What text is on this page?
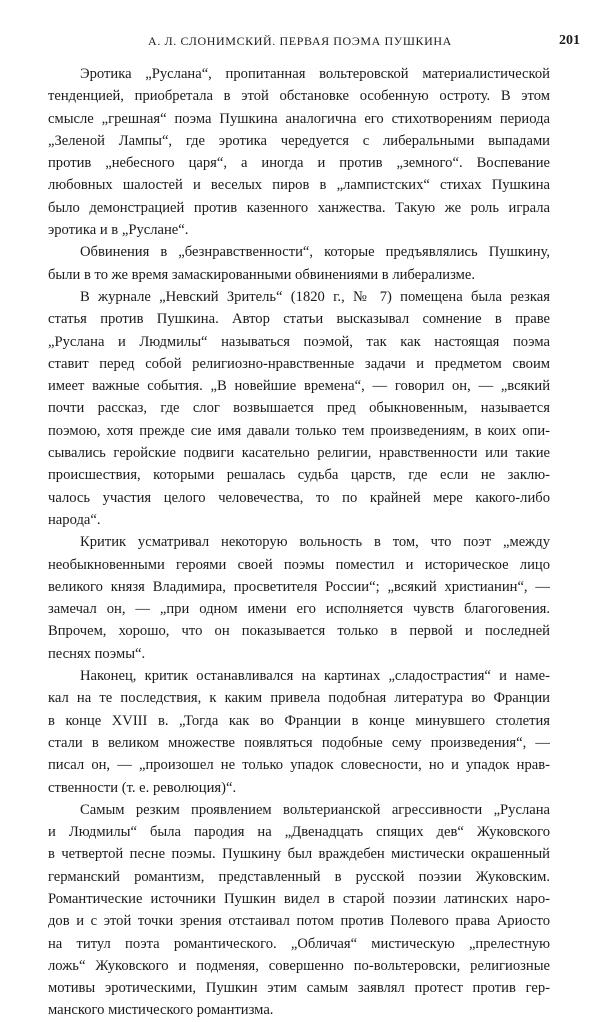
А. Л. СЛОНИМСКИЙ. ПЕРВАЯ ПОЭМА ПУШКИНА	201
Эротика „Руслана“, пропитанная вольтеровской материалистической
тенденцией, приобретала в этой обстановке особенную остроту. В этом
смысле „грешная“ поэма Пушкина аналогична его стихотворениям периода
„Зеленой Лампы“, где эротика чередуется с либеральными выпадами
против „небесного царя“, а иногда и против „земного“. Воспевание
любовных шалостей и веселых пиров в „лампистских“ стихах Пушкина
было демонстрацией против казенного ханжества. Такую же роль играла
эротика и в „Руслане“.
Обвинения в „безнравственности“, которые предъявлялись Пушкину,
были в то же время замаскированными обвинениями в либерализме.
В журнале „Невский Зритель“ (1820 г., № 7) помещена была резкая
статья против Пушкина. Автор статьи высказывал сомнение в праве
„Руслана и Людмилы“ называться поэмой, так как настоящая поэма
ставит перед собой религиозно-нравственные задачи и предметом своим
имеет важные события. „В новейшие времена“, — говорил он, — „всякий
почти рассказ, где слог возвышается пред обыкновенным, называется
поэмою, хотя прежде сие имя давали только тем произведениям, в коих опи-
сывались геройские подвиги касательно религии, нравственности или такие
происшествия, которыми решалась судьба царств, где если не заклю-
чалось участия целого человечества, то по крайней мере какого-либо
народа“.
Критик усматривал некоторую вольность в том, что поэт „между
необыкновенными героями своей поэмы поместил и историческое лицо
великого князя Владимира, просветителя России“; „всякий христианин“, —
замечал он, — „при одном имени его исполняется чувств благоговения.
Впрочем, хорошо, что он показывается только в первой и последней
песнях поэмы“.
Наконец, критик останавливался на картинах „сладострастия“ и наме-
кал на те последствия, к каким привела подобная литература во Франции
в конце XVIII в. „Тогда как во Франции в конце минувшего столетия
стали в великом множестве появляться подобные сему произведения“, —
писал он, — „произошел не только упадок словесности, но и упадок нрав-
ственности (т. е. революция)“.
Самым резким проявлением вольтерианской агрессивности „Руслана
и Людмилы“ была пародия на „Двенадцать спящих дев“ Жуковского
в четвертой песне поэмы. Пушкину был враждебен мистически окрашенный
германский романтизм, представленный в русской поэзии Жуковским.
Романтические источники Пушкин видел в старой поэзии латинских наро-
дов и с этой точки зрения отстаивал потом против Полевого права Ариосто
на титул поэта романтического. „Обличая“ мистическую „прелестную
ложь“ Жуковского и подменяя, совершенно по-вольтеровски, религиозные
мотивы эротическими, Пушкин этим самым заявлял протест против гер-
манского мистического романтизма.
